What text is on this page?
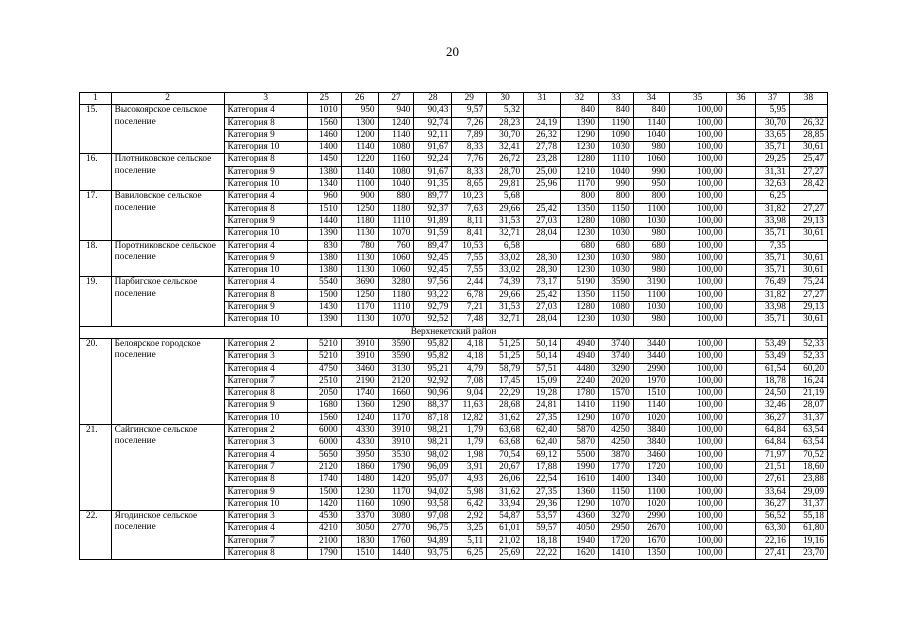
20
1	2	3	25	26	27	28	29	30	31	32	33	34	35	36	37	38
15.	Высокоярское сельское поселение	Категория 4	1010	950	940	90,43	9,57	5,32		840	840	840	100,00		5,95	
		Категория 8	1560	1300	1240	92,74	7,26	28,23	24,19	1390	1190	1140	100,00		30,70	26,32
		Категория 9	1460	1200	1140	92,11	7,89	30,70	26,32	1290	1090	1040	100,00		33,65	28,85
		Категория 10	1400	1140	1080	91,67	8,33	32,41	27,78	1230	1030	980	100,00		35,71	30,61
16.	Плотниковское сельское поселение	Категория 8	1450	1220	1160	92,24	7,76	26,72	23,28	1280	1110	1060	100,00		29,25	25,47
		Категория 9	1380	1140	1080	91,67	8,33	28,70	25,00	1210	1040	990	100,00		31,31	27,27
		Категория 10	1340	1100	1040	91,35	8,65	29,81	25,96	1170	990	950	100,00		32,63	28,42
17.	Вавиловское сельское поселение	Категория 4	960	900	880	89,77	10,23	5,68		800	800	800	100,00		6,25	
		Категория 8	1510	1250	1180	92,37	7,63	29,66	25,42	1350	1150	1100	100,00		31,82	27,27
		Категория 9	1440	1180	1110	91,89	8,11	31,53	27,03	1280	1080	1030	100,00		33,98	29,13
		Категория 10	1390	1130	1070	91,59	8,41	32,71	28,04	1230	1030	980	100,00		35,71	30,61
18.	Поротниковское сельское поселение	Категория 4	830	780	760	89,47	10,53	6,58		680	680	680	100,00		7,35	
		Категория 9	1380	1130	1060	92,45	7,55	33,02	28,30	1230	1030	980	100,00		35,71	30,61
		Категория 10	1380	1130	1060	92,45	7,55	33,02	28,30	1230	1030	980	100,00		35,71	30,61
19.	Парбигское сельское поселение	Категория 4	5540	3690	3280	97,56	2,44	74,39	73,17	5190	3590	3190	100,00		76,49	75,24
		Категория 8	1500	1250	1180	93,22	6,78	29,66	25,42	1350	1150	1100	100,00		31,82	27,27
		Категория 9	1430	1170	1110	92,79	7,21	31,53	27,03	1280	1080	1030	100,00		33,98	29,13
		Категория 10	1390	1130	1070	92,52	7,48	32,71	28,04	1230	1030	980	100,00		35,71	30,61
Верхнекетский район																
20.	Белоярское городское поселение	Категория 2	5210	3910	3590	95,82	4,18	51,25	50,14	4940	3740	3440	100,00		53,49	52,33
		Категория 3	5210	3910	3590	95,82	4,18	51,25	50,14	4940	3740	3440	100,00		53,49	52,33
		Категория 4	4750	3460	3130	95,21	4,79	58,79	57,51	4480	3290	2990	100,00		61,54	60,20
		Категория 7	2510	2190	2120	92,92	7,08	17,45	15,09	2240	2020	1970	100,00		18,78	16,24
		Категория 8	2050	1740	1660	90,96	9,04	22,29	19,28	1780	1570	1510	100,00		24,50	21,19
		Категория 9	1680	1360	1290	88,37	11,63	28,68	24,81	1410	1190	1140	100,00		32,46	28,07
		Категория 10	1560	1240	1170	87,18	12,82	31,62	27,35	1290	1070	1020	100,00		36,27	31,37
21.	Сайгинское сельское поселение	Категория 2	6000	4330	3910	98,21	1,79	63,68	62,40	5870	4250	3840	100,00		64,84	63,54
		Категория 3	6000	4330	3910	98,21	1,79	63,68	62,40	5870	4250	3840	100,00		64,84	63,54
		Категория 4	5650	3950	3530	98,02	1,98	70,54	69,12	5500	3870	3460	100,00		71,97	70,52
		Категория 7	2120	1860	1790	96,09	3,91	20,67	17,88	1990	1770	1720	100,00		21,51	18,60
		Категория 8	1740	1480	1420	95,07	4,93	26,06	22,54	1610	1400	1340	100,00		27,61	23,88
		Категория 9	1500	1230	1170	94,02	5,98	31,62	27,35	1360	1150	1100	100,00		33,64	29,09
		Категория 10	1420	1160	1090	93,58	6,42	33,94	29,36	1290	1070	1020	100,00		36,27	31,37
22.	Ягодинское сельское поселение	Категория 3	4530	3370	3080	97,08	2,92	54,87	53,57	4360	3270	2990	100,00		56,52	55,18
		Категория 4	4210	3050	2770	96,75	3,25	61,01	59,57	4050	2950	2670	100,00		63,30	61,80
		Категория 7	2100	1830	1760	94,89	5,11	21,02	18,18	1940	1720	1670	100,00		22,16	19,16
		Категория 8	1790	1510	1440	93,75	6,25	25,69	22,22	1620	1410	1350	100,00		27,41	23,70
